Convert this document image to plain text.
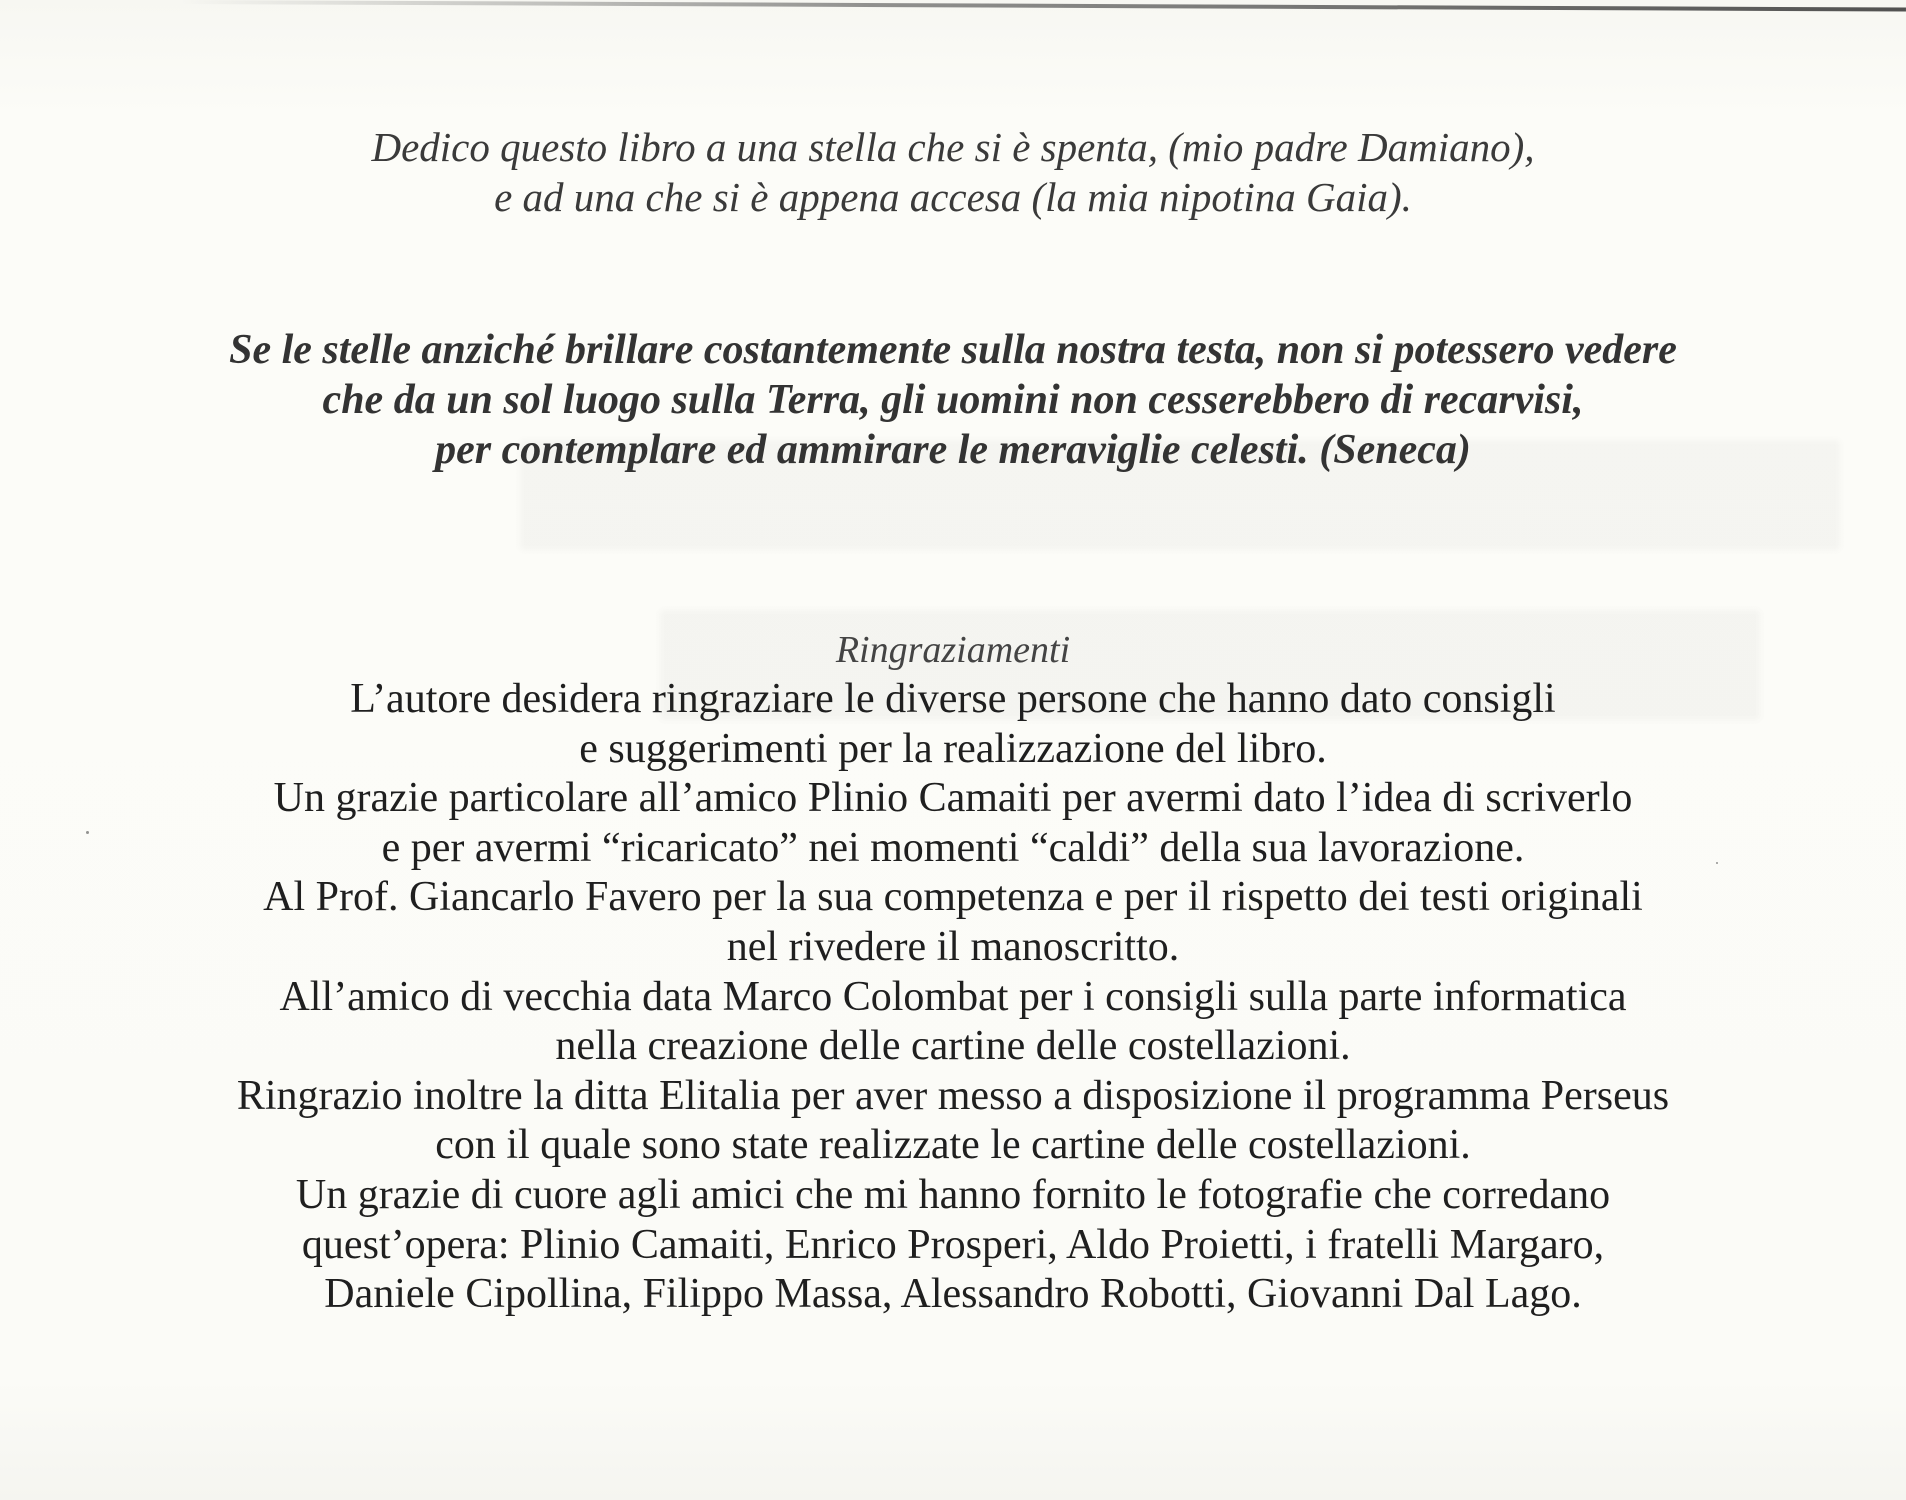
Dedico questo libro a una stella che si è spenta, (mio padre Damiano),
e ad una che si è appena accesa (la mia nipotina Gaia).
Se le stelle anziché brillare costantemente sulla nostra testa, non si potessero vedere
che da un sol luogo sulla Terra, gli uomini non cesserebbero di recarvisi,
per contemplare ed ammirare le meraviglie celesti. (Seneca)
Ringraziamenti
L’autore desidera ringraziare le diverse persone che hanno dato consigli
e suggerimenti per la realizzazione del libro.
Un grazie particolare all’amico Plinio Camaiti per avermi dato l’idea di scriverlo
e per avermi “ricaricato” nei momenti “caldi” della sua lavorazione.
Al Prof. Giancarlo Favero per la sua competenza e per il rispetto dei testi originali
nel rivedere il manoscritto.
All’amico di vecchia data Marco Colombat per i consigli sulla parte informatica
nella creazione delle cartine delle costellazioni.
Ringrazio inoltre la ditta Elitalia per aver messo a disposizione il programma Perseus
con il quale sono state realizzate le cartine delle costellazioni.
Un grazie di cuore agli amici che mi hanno fornito le fotografie che corredano
quest’opera: Plinio Camaiti, Enrico Prosperi, Aldo Proietti, i fratelli Margaro,
Daniele Cipollina, Filippo Massa, Alessandro Robotti, Giovanni Dal Lago.
